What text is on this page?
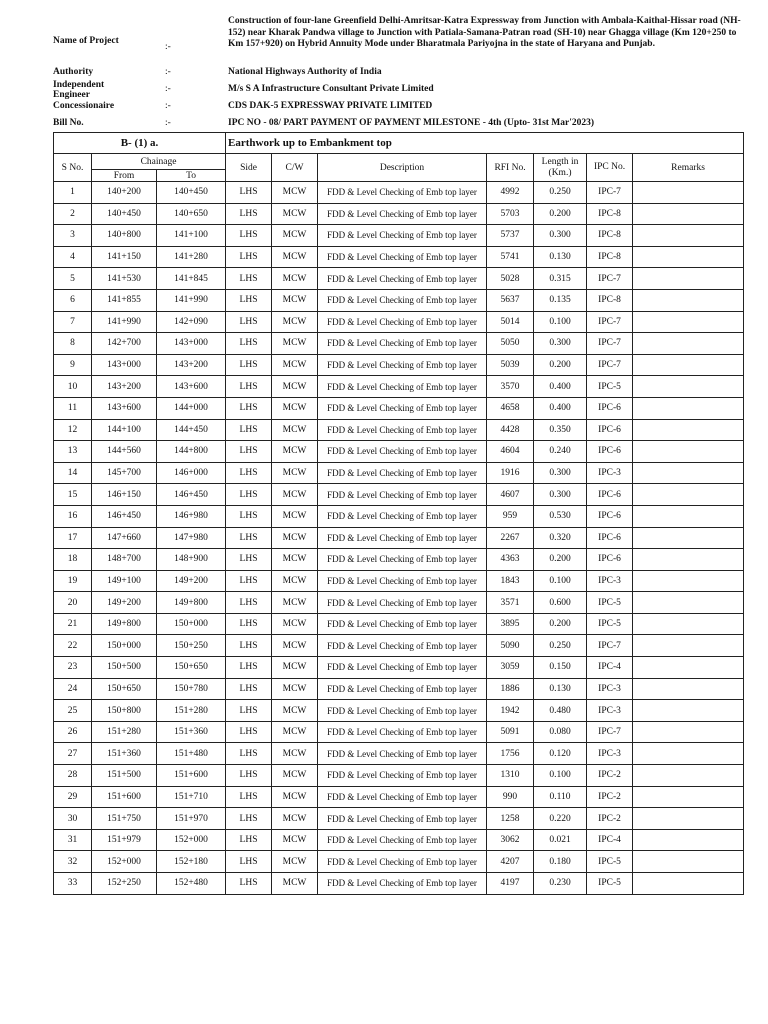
Name of Project
:-
Construction of four-lane Greenfield Delhi-Amritsar-Katra Expressway from Junction with Ambala-Kaithal-Hissar road (NH-152) near Kharak Pandwa village to Junction with Patiala-Samana-Patran road (SH-10) near Ghagga village (Km 120+250 to Km 157+920) on Hybrid Annuity Mode under Bharatmala Pariyojna in the state of Haryana and Punjab.
Authority	:-	National Highways Authority of India
Independent Engineer
:-	M/s S A Infrastructure Consultant Private Limited
Concessionaire	:-	CDS DAK-5 EXPRESSWAY PRIVATE LIMITED
Bill No.	:-	IPC NO - 08/ PART PAYMENT OF PAYMENT MILESTONE - 4th (Upto- 31st Mar'2023)
B- (1) a.			Earthwork up to Embankment top						
S No.	Chainage		Side	C/W	Description	RFI No.	Length in (Km.)	IPC No.	Remarks
	From	To							
1	140+200	140+450	LHS	MCW	FDD & Level Checking of Emb top layer	4992	0.250	IPC-7	
2	140+450	140+650	LHS	MCW	FDD & Level Checking of Emb top layer	5703	0.200	IPC-8	
3	140+800	141+100	LHS	MCW	FDD & Level Checking of Emb top layer	5737	0.300	IPC-8	
4	141+150	141+280	LHS	MCW	FDD & Level Checking of Emb top layer	5741	0.130	IPC-8	
5	141+530	141+845	LHS	MCW	FDD & Level Checking of Emb top layer	5028	0.315	IPC-7	
6	141+855	141+990	LHS	MCW	FDD & Level Checking of Emb top layer	5637	0.135	IPC-8	
7	141+990	142+090	LHS	MCW	FDD & Level Checking of Emb top layer	5014	0.100	IPC-7	
8	142+700	143+000	LHS	MCW	FDD & Level Checking of Emb top layer	5050	0.300	IPC-7	
9	143+000	143+200	LHS	MCW	FDD & Level Checking of Emb top layer	5039	0.200	IPC-7	
10	143+200	143+600	LHS	MCW	FDD & Level Checking of Emb top layer	3570	0.400	IPC-5	
11	143+600	144+000	LHS	MCW	FDD & Level Checking of Emb top layer	4658	0.400	IPC-6	
12	144+100	144+450	LHS	MCW	FDD & Level Checking of Emb top layer	4428	0.350	IPC-6	
13	144+560	144+800	LHS	MCW	FDD & Level Checking of Emb top layer	4604	0.240	IPC-6	
14	145+700	146+000	LHS	MCW	FDD & Level Checking of Emb top layer	1916	0.300	IPC-3	
15	146+150	146+450	LHS	MCW	FDD & Level Checking of Emb top layer	4607	0.300	IPC-6	
16	146+450	146+980	LHS	MCW	FDD & Level Checking of Emb top layer	959	0.530	IPC-6	
17	147+660	147+980	LHS	MCW	FDD & Level Checking of Emb top layer	2267	0.320	IPC-6	
18	148+700	148+900	LHS	MCW	FDD & Level Checking of Emb top layer	4363	0.200	IPC-6	
19	149+100	149+200	LHS	MCW	FDD & Level Checking of Emb top layer	1843	0.100	IPC-3	
20	149+200	149+800	LHS	MCW	FDD & Level Checking of Emb top layer	3571	0.600	IPC-5	
21	149+800	150+000	LHS	MCW	FDD & Level Checking of Emb top layer	3895	0.200	IPC-5	
22	150+000	150+250	LHS	MCW	FDD & Level Checking of Emb top layer	5090	0.250	IPC-7	
23	150+500	150+650	LHS	MCW	FDD & Level Checking of Emb top layer	3059	0.150	IPC-4	
24	150+650	150+780	LHS	MCW	FDD & Level Checking of Emb top layer	1886	0.130	IPC-3	
25	150+800	151+280	LHS	MCW	FDD & Level Checking of Emb top layer	1942	0.480	IPC-3	
26	151+280	151+360	LHS	MCW	FDD & Level Checking of Emb top layer	5091	0.080	IPC-7	
27	151+360	151+480	LHS	MCW	FDD & Level Checking of Emb top layer	1756	0.120	IPC-3	
28	151+500	151+600	LHS	MCW	FDD & Level Checking of Emb top layer	1310	0.100	IPC-2	
29	151+600	151+710	LHS	MCW	FDD & Level Checking of Emb top layer	990	0.110	IPC-2	
30	151+750	151+970	LHS	MCW	FDD & Level Checking of Emb top layer	1258	0.220	IPC-2	
31	151+979	152+000	LHS	MCW	FDD & Level Checking of Emb top layer	3062	0.021	IPC-4	
32	152+000	152+180	LHS	MCW	FDD & Level Checking of Emb top layer	4207	0.180	IPC-5	
33	152+250	152+480	LHS	MCW	FDD & Level Checking of Emb top layer	4197	0.230	IPC-5	
